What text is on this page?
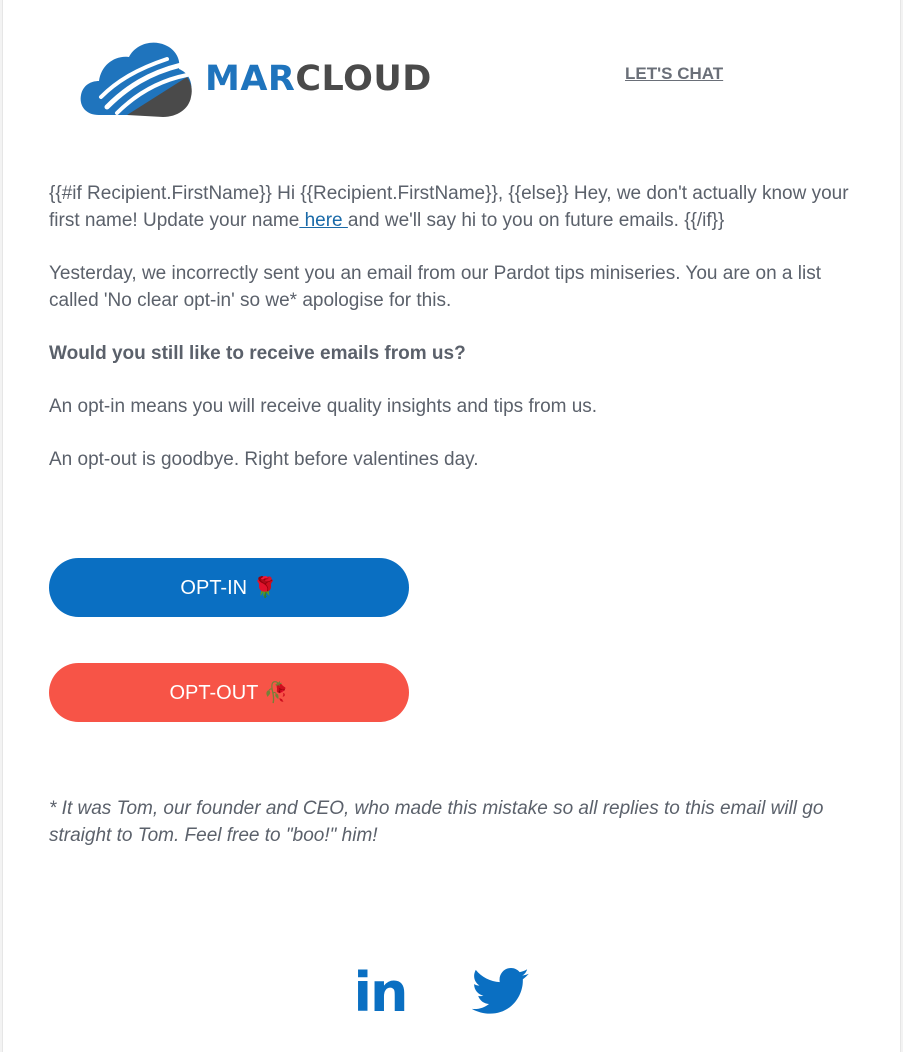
MARCLOUD	LET'S CHAT

{{#if Recipient.FirstName}} Hi {{Recipient.FirstName}}, {{else}} Hey, we don't actually know your first name! Update your name here and we'll say hi to you on future emails. {{/if}}

Yesterday, we incorrectly sent you an email from our Pardot tips miniseries. You are on a list called 'No clear opt-in' so we* apologise for this.

Would you still like to receive emails from us?

An opt-in means you will receive quality insights and tips from us.

An opt-out is goodbye. Right before valentines day.

OPT-IN 🌹
OPT-OUT 🥀
* It was Tom, our founder and CEO, who made this mistake so all replies to this email will go straight to Tom. Feel free to "boo!" him!
in
